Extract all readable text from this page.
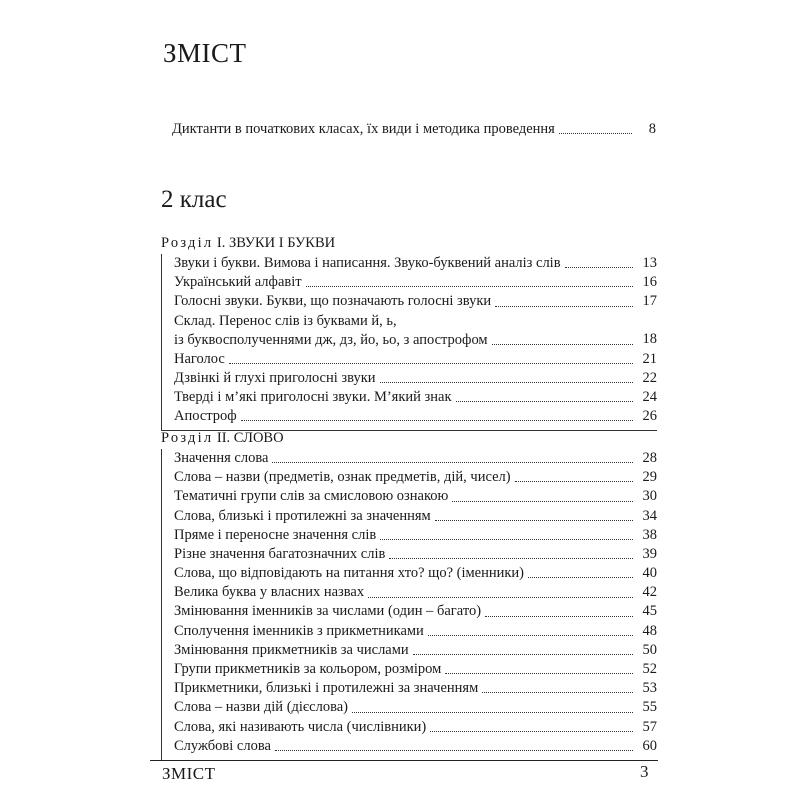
ЗМІСТ
Диктанти в початкових класах, їх види і методика проведення	8
2 клас
Розділ І. ЗВУКИ І БУКВИ
Звуки і букви. Вимова і написання. Звуко-буквений аналіз слів	13
Український алфавіт	16
Голосні звуки. Букви, що позначають голосні звуки	17
Склад. Перенос слів із буквами й, ь,
із буквосполученнями дж, дз, йо, ьо, з апострофом	18
Наголос	21
Дзвінкі й глухі приголосні звуки	22
Тверді і м’які приголосні звуки. М’який знак	24
Апостроф	26
Розділ ІІ. СЛОВО
Значення слова	28
Слова – назви (предметів, ознак предметів, дій, чисел)	29
Тематичні групи слів за смисловою ознакою	30
Слова, близькі і протилежні за значенням	34
Пряме і переносне значення слів	38
Різне значення багатозначних слів	39
Слова, що відповідають на питання хто? що? (іменники)	40
Велика буква у власних назвах	42
Змінювання іменників за числами (один – багато)	45
Сполучення іменників з прикметниками	48
Змінювання прикметників за числами	50
Групи прикметників за кольором, розміром	52
Прикметники, близькі і протилежні за значенням	53
Слова – назви дій (дієслова)	55
Слова, які називають числа (числівники)	57
Службові слова	60
ЗМІСТ	3
